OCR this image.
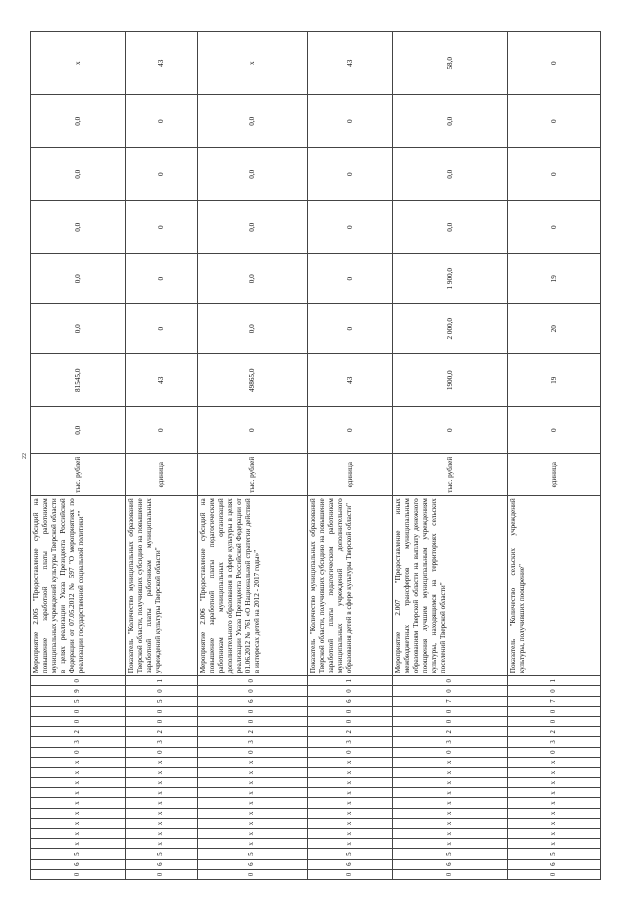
22
0	6	5	х	х	х	х	х	х	х	х	х	0	3	2	0	0	5	9	0	Мероприятие 2.005 "Предоставление субсидий на повышение заработной платы работникам муниципальных учреждений культуры Тверской области в целях реализации Указа Президента Российской Федерации от 07.05.2012 № 597 "О мероприятиях по реализации государственной социальной политики""	тыс. рублей	0,0	81545,0	0,0	0,0	0,0	0,0	0,0	х
0	6	5	х	х	х	х	х	х	х	х	х	0	3	2	0	0	5	0	1	Показатель "Количество муниципальных образований Тверской области, получивших субсидию на повышение заработной платы работникам муниципальных учреждений культуры Тверской области"	единица	0	43	0	0	0	0	0	43
0	6	5	х	х	х	х	х	х	х	х	х	0	3	2	0	0	6	0	0	Мероприятие 2.006 "Предоставление субсидий на повышение заработной платы педагогическим работникам муниципальных организаций дополнительного образования в сфере культуры в целях реализации Указа Президента Российской Федерации от 01.06.2012 № 761 «О Национальной стратегии действий в интересах детей на 2012 - 2017 годы»"	тыс. рублей	0	49865,0	0,0	0,0	0,0	0,0	0,0	х
0	6	5	х	х	х	х	х	х	х	х	х	0	3	2	0	0	6	0	1	Показатель "Количество муниципальных образований Тверской области, получивших субсидию на повышение заработной платы педагогическим работникам муниципальных учреждений дополнительного образования детей в сфере культуры Тверской области"	единица	0	43	0	0	0	0	0	43
0	6	5	х	х	х	х	х	х	х	х	х	0	3	2	0	0	7	0	0	Мероприятие 2.007 "Предоставление иных межбюджетных трансфертов муниципальным образованиям Тверской области на выплату денежного поощрения лучшим муниципальным учреждениям культуры, находящимся на территориях сельских поселений Тверской области"	тыс. рублей	0	1900,0	2 000,0	1 900,0	0,0	0,0	0,0	58,0
0	6	5	х	х	х	х	х	х	х	х	х	0	3	2	0	0	7	0	1	Показатель "Количество сельских учреждений культуры, получивших поощрение"	единица	0	19	20	19	0	0	0	0
